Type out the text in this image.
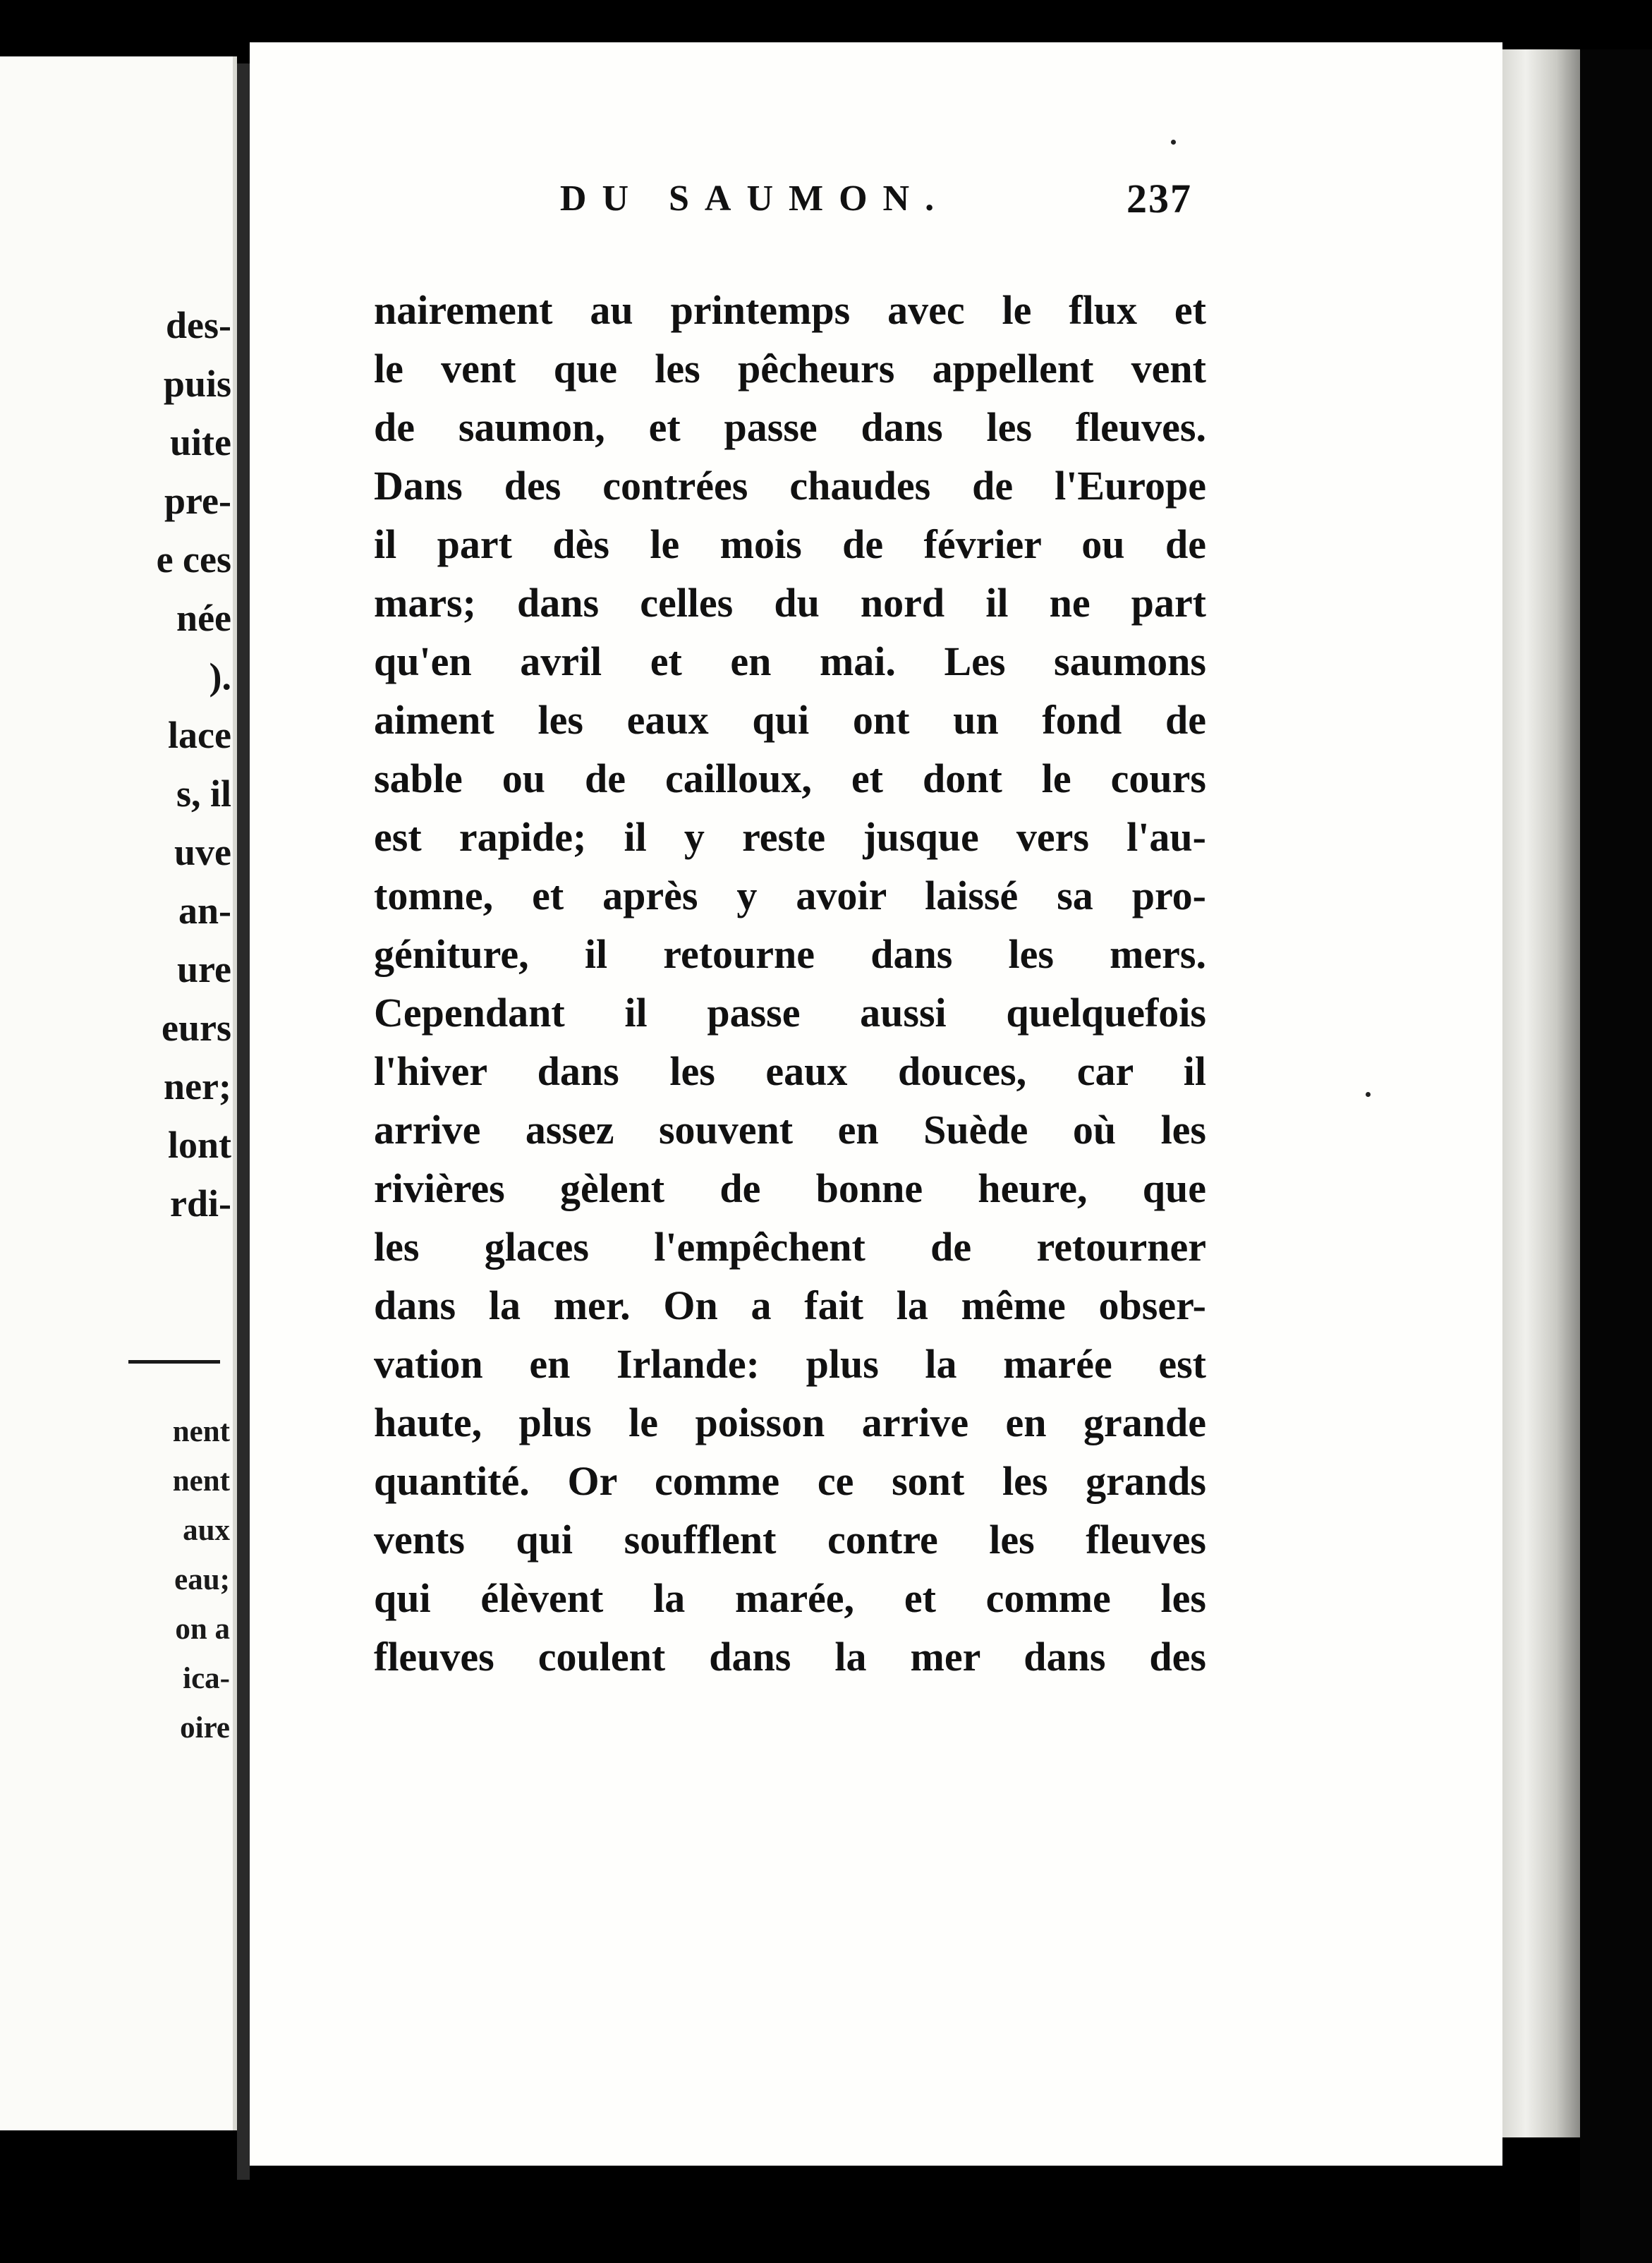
des-
puis
uite
pre-
e ces
née
).
lace
s, il
uve
an-
ure
eurs
ner;
lont
rdi-
nent
nent
aux
eau;
on a
ica-
oire
DU SAUMON.	237
nairement au printemps avec le flux et
le vent que les pêcheurs appellent vent
de saumon, et passe dans les fleuves.
Dans des contrées chaudes de l'Europe
il part dès le mois de février ou de
mars; dans celles du nord il ne part
qu'en avril et en mai. Les saumons
aiment les eaux qui ont un fond de
sable ou de cailloux, et dont le cours
est rapide; il y reste jusque vers l'au-
tomne, et après y avoir laissé sa pro-
géniture, il retourne dans les mers.
Cependant il passe aussi quelquefois
l'hiver dans les eaux douces, car il
arrive assez souvent en Suède où les
rivières gèlent de bonne heure, que
les glaces l'empêchent de retourner
dans la mer. On a fait la même obser-
vation en Irlande: plus la marée est
haute, plus le poisson arrive en grande
quantité. Or comme ce sont les grands
vents qui soufflent contre les fleuves
qui élèvent la marée, et comme les
fleuves coulent dans la mer dans des
